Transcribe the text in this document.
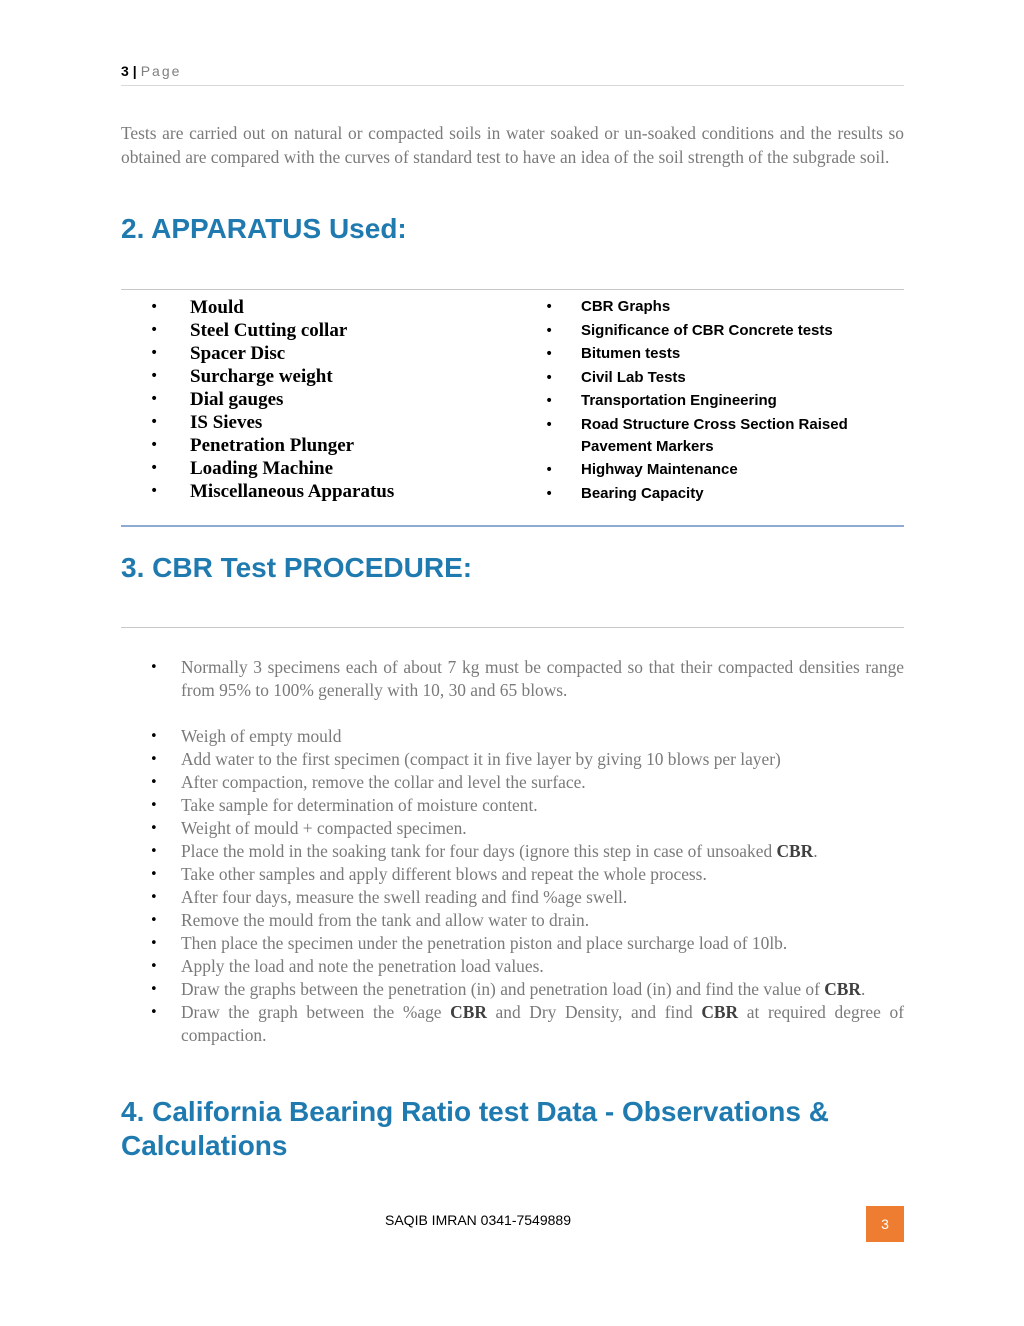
3 | Page

Tests are carried out on natural or compacted soils in water soaked or un-soaked conditions and the results so obtained are compared with the curves of standard test to have an idea of the soil strength of the subgrade soil.

2. APPARATUS Used:
• Mould
• Steel Cutting collar
• Spacer Disc
• Surcharge weight
• Dial gauges
• IS Sieves
• Penetration Plunger
• Loading Machine
• Miscellaneous Apparatus
• CBR Graphs
• Significance of CBR Concrete tests
• Bitumen tests
• Civil Lab Tests
• Transportation Engineering
• Road Structure Cross Section Raised Pavement Markers
• Highway Maintenance
• Bearing Capacity
3. CBR Test PROCEDURE:
• Normally 3 specimens each of about 7 kg must be compacted so that their compacted densities range from 95% to 100% generally with 10, 30 and 65 blows.
• Weigh of empty mould
• Add water to the first specimen (compact it in five layer by giving 10 blows per layer)
• After compaction, remove the collar and level the surface.
• Take sample for determination of moisture content.
• Weight of mould + compacted specimen.
• Place the mold in the soaking tank for four days (ignore this step in case of unsoaked CBR.
• Take other samples and apply different blows and repeat the whole process.
• After four days, measure the swell reading and find %age swell.
• Remove the mould from the tank and allow water to drain.
• Then place the specimen under the penetration piston and place surcharge load of 10lb.
• Apply the load and note the penetration load values.
• Draw the graphs between the penetration (in) and penetration load (in) and find the value of CBR.
• Draw the graph between the %age CBR and Dry Density, and find CBR at required degree of compaction.
4. California Bearing Ratio test Data - Observations & Calculations
SAQIB IMRAN 0341-7549889	3
